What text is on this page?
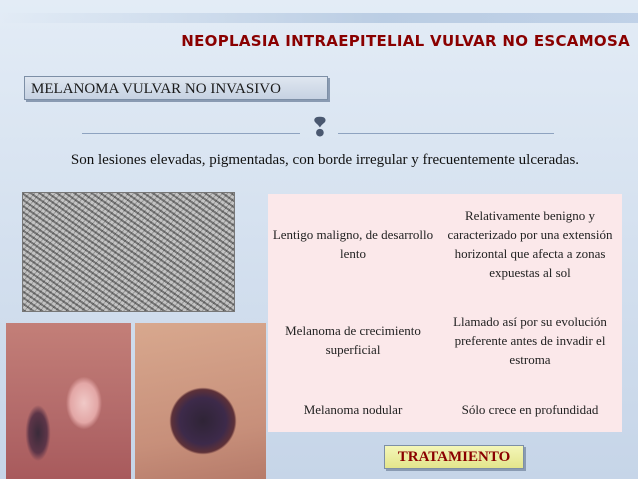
NEOPLASIA INTRAEPITELIAL VULVAR NO ESCAMOSA
MELANOMA VULVAR NO INVASIVO
❢
Son lesiones elevadas, pigmentadas, con borde irregular y frecuentemente ulceradas.
Lentigo maligno, de desarrollo lento	Relativamente benigno y caracterizado por una extensión horizontal que afecta a zonas expuestas al sol
Melanoma de crecimiento superficial	Llamado así por su evolución preferente antes de invadir el estroma
Melanoma nodular	Sólo crece en profundidad
TRATAMIENTO
